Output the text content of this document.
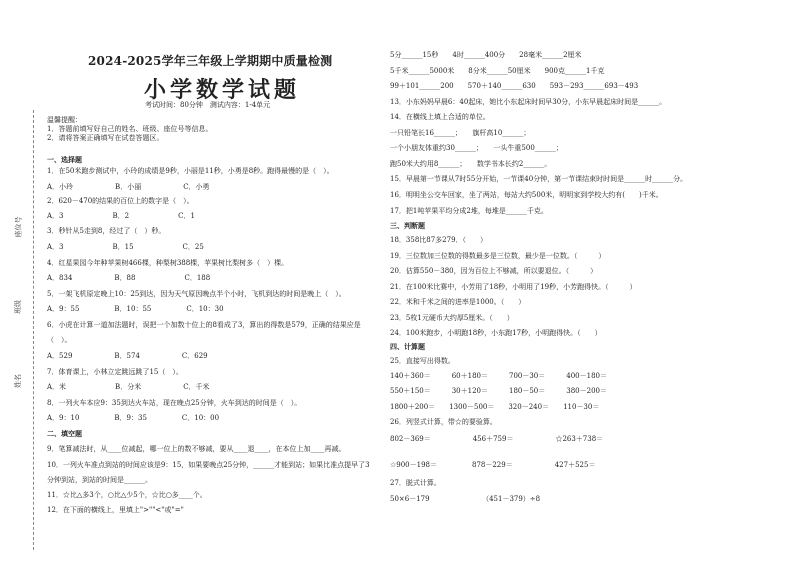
座位号
班级
姓名
2024-2025学年三年级上学期期中质量检测
小学数学试题
考试时间：80分钟　测试内容：1-4单元
温馨提醒：
1．答题前填写好自己的姓名、班级、座位号等信息。
2．请将答案正确填写在试卷答题区。
一、选择题
1．在50米跑步测试中，小玲的成绩是9秒，小丽是11秒，小勇是8秒。跑得最慢的是（　）。
A．小玲　　　　　　B．小丽　　　　　　C．小勇
2．620－470的结果的百位上的数字是（　）。
A．3　　　　　　　B．2　　　　　　　C．1
3．秒针从5走到8，经过了（　）秒。
A．3　　　　　　　B．15　　　　　　　C．25
4．红星果园今年种苹果树466棵，种梨树388棵，苹果树比梨树多（　）棵。
A．834　　　　　　B．88　　　　　　　C．188
5．一架飞机原定晚上10：25到达，因为天气原因晚点半个小时，飞机到达的时间是晚上（　）。
A．9：55　　　　　B．10：55　　　　　C．10：30
6．小虎在计算一道加法题时，误把一个加数十位上的8看成了3，算出的得数是579，正确的结果应是
（　）。
A．529　　　　　　B．574　　　　　　C．629
7．体育课上，小林立定跳远跳了15（　）。
A．米　　　　　　　B．分米　　　　　　C．千米
8．一列火车本应9：35到达火车站，现在晚点25分钟，火车到达的时间是（　）。
A．9：10　　　　　B．9：35　　　　　C．10：00
二、填空题
9．笔算减法时，从____位减起，哪一位上的数不够减，要从____退____，在本位上加____再减。
10．一列火车准点到站的时间应该是9：15，如果要晚点25分钟，______才能到站；如果比准点提早了3
分钟到站，到站的时间是______。
11．☆比△多3个，○比△少5个，☆比○多____个。
12．在下面的横线上，里填上">""<"或"="
5分______15秒　　4时______400分　　28毫米______2厘米
5千米______5000米　　8分米______50厘米　　900克______1千克
99＋101______200　　570＋140______630　　593－293______693－493
13．小东妈妈早晨6：40起床，她比小东起床时间早30分，小东早晨起床时间是______。
14．在横线上填上合适的单位。
一只铅笔长16______；　　旗杆高10______；
一个小朋友体重约30______；　　一头牛重500______；
跑50米大约用8______；　　数学书本长约2______。
15．早晨第一节课从7时55分开始，一节课40分钟，第一节课结束时时间是______时______分。
16．明明坐公交车回家，坐了两站，每站大约500米，明明家到学校大约有(　　)千米。
17．把1吨苹果平均分成2堆，每堆是______千克。
三、判断题
18．358比87多279．（　　）
19．三位数加三位数的得数最多是三位数，最少是一位数。（　　　）
20．估算550－380，因为百位上不够减，所以要退位。（　　　）
21．在100米比赛中，小芳用了18秒，小明用了19秒，小芳跑得快。（　　　）
22．米和千米之间的进率是1000。（　　）
23．5枚1元硬币大约厚5厘米。（　　）
24．100米跑步，小明跑18秒，小东跑17秒，小明跑得快。（　　）
四、计算题
25．直接写出得数。
140＋360＝　　　60＋180＝　　　700－30＝　　　400－180＝
550＋150＝　　　30＋120＝　　　180－50＝　　　380－200＝
1800＋200＝　　1300－500＝　　320－240＝　　110－30＝
26．列竖式计算，带☆的要验算。
802－369＝　　　　　　456＋759＝　　　　　　☆263＋738＝
☆900－198＝　　　　　878－229＝　　　　　　427＋525＝
27．脱式计算。
50×6－179　　　　　　　　（451－379）÷8
